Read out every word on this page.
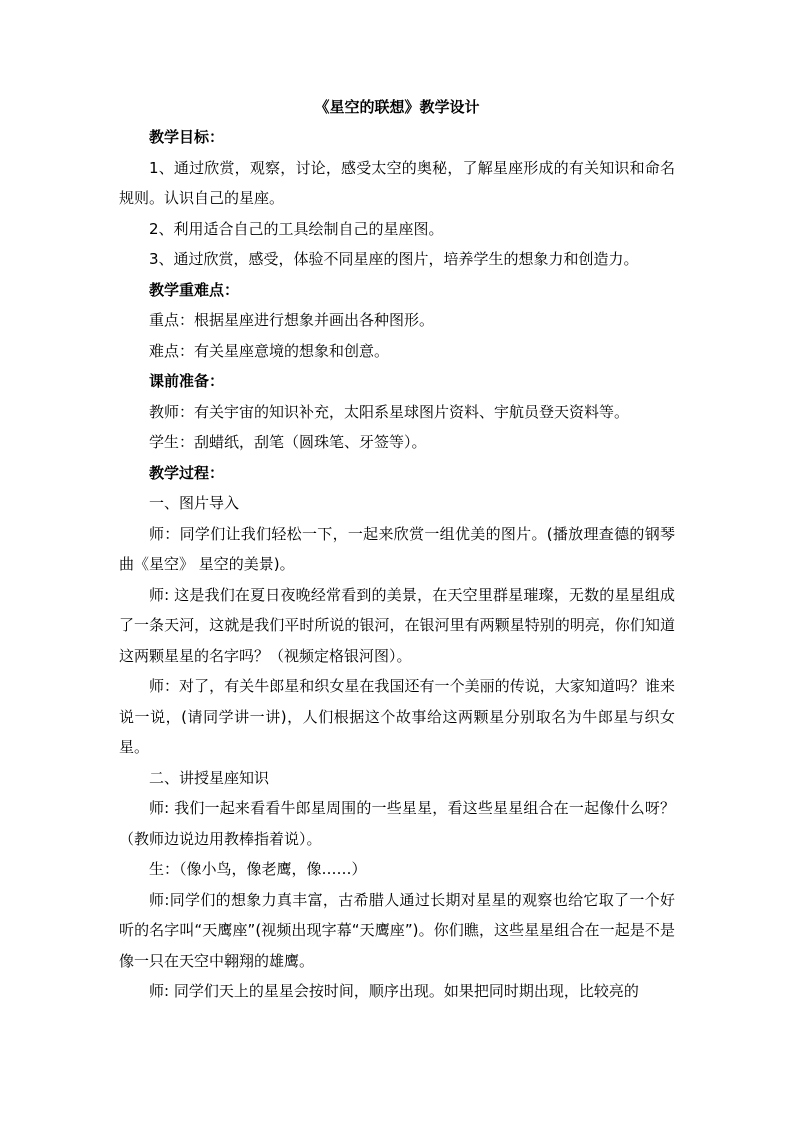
《星空的联想》教学设计

教学目标：

1、通过欣赏，观察，讨论，感受太空的奥秘，了解星座形成的有关知识和命名规则。认识自己的星座。

2、利用适合自己的工具绘制自己的星座图。

3、通过欣赏，感受，体验不同星座的图片，培养学生的想象力和创造力。

教学重难点：

重点：根据星座进行想象并画出各种图形。

难点：有关星座意境的想象和创意。

课前准备：

教师：有关宇宙的知识补充，太阳系星球图片资料、宇航员登天资料等。

学生：刮蜡纸，刮笔（圆珠笔、牙签等）。

教学过程：

一、图片导入

师：同学们让我们轻松一下，一起来欣赏一组优美的图片。(播放理查德的钢琴曲《星空》 星空的美景)。

师: 这是我们在夏日夜晚经常看到的美景，在天空里群星璀璨，无数的星星组成了一条天河，这就是我们平时所说的银河，在银河里有两颗星特别的明亮，你们知道这两颗星星的名字吗？（视频定格银河图）。

师：对了，有关牛郎星和织女星在我国还有一个美丽的传说，大家知道吗？谁来说一说，(请同学讲一讲)，人们根据这个故事给这两颗星分别取名为牛郎星与织女星。

二、讲授星座知识

师: 我们一起来看看牛郎星周围的一些星星，看这些星星组合在一起像什么呀？（教师边说边用教棒指着说）。

生：（像小鸟，像老鹰，像……）

师:同学们的想象力真丰富，古希腊人通过长期对星星的观察也给它取了一个好听的名字叫“天鹰座”(视频出现字幕“天鹰座”)。你们瞧，这些星星组合在一起是不是像一只在天空中翱翔的雄鹰。

师: 同学们天上的星星会按时间，顺序出现。如果把同时期出现，比较亮的
